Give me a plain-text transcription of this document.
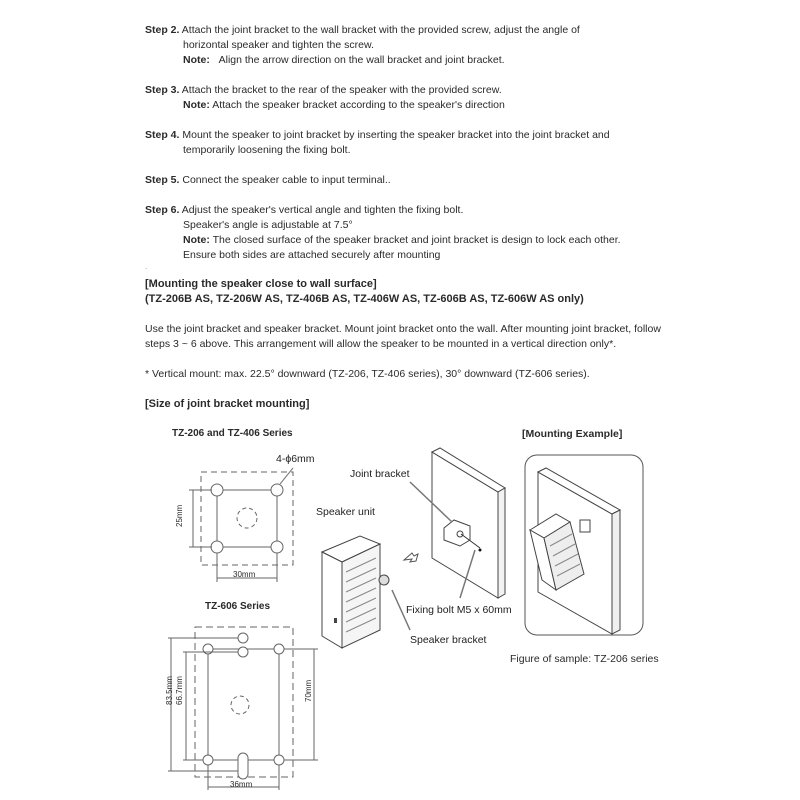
Step 2. Attach the joint bracket to the wall bracket with the provided screw, adjust the angle of
horizontal speaker and tighten the screw.
Note: Align the arrow direction on the wall bracket and joint bracket.
Step 3. Attach the bracket to the rear of the speaker with the provided screw.
Note: Attach the speaker bracket according to the speaker's direction
Step 4. Mount the speaker to joint bracket by inserting the speaker bracket into the joint bracket and
temporarily loosening the fixing bolt.
Step 5. Connect the speaker cable to input terminal..
Step 6. Adjust the speaker's vertical angle and tighten the fixing bolt.
Speaker's angle is adjustable at 7.5°
Note: The closed surface of the speaker bracket and joint bracket is design to lock each other.
Ensure both sides are attached securely after mounting
.
[Mounting the speaker close to wall surface]
(TZ-206B AS, TZ-206W AS, TZ-406B AS, TZ-406W AS, TZ-606B AS, TZ-606W AS only)
Use the joint bracket and speaker bracket. Mount joint bracket onto the wall. After mounting joint bracket, follow
steps 3 ~ 6 above. This arrangement will allow the speaker to be mounted in a vertical direction only*.
* Vertical mount: max. 22.5° downward (TZ-206, TZ-406 series), 30° downward (TZ-606 series).
[Size of joint bracket mounting]
TZ-206 and TZ-406 Series
4-ϕ6mm
25mm
30mm
TZ-606 Series
83.5mm 66.7mm	70mm
36mm
Joint bracket
Speaker unit
Fixing bolt M5 x 60mm
Speaker bracket
[Mounting Example]
Figure of sample: TZ-206 series
